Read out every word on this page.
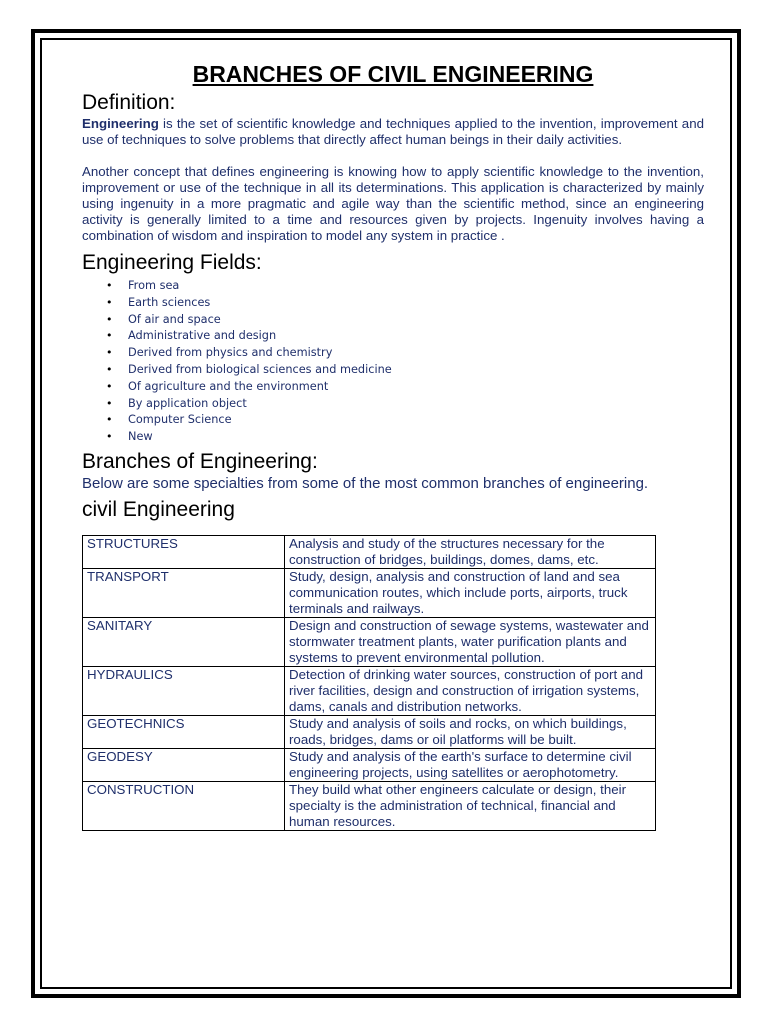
BRANCHES OF CIVIL ENGINEERING
Definition:

Engineering is the set of scientific knowledge and techniques applied to the invention, improvement and use of techniques to solve problems that directly affect human beings in their daily activities.

Another concept that defines engineering is knowing how to apply scientific knowledge to the invention, improvement or use of the technique in all its determinations. This application is characterized by mainly using ingenuity in a more pragmatic and agile way than the scientific method, since an engineering activity is generally limited to a time and resources given by projects. Ingenuity involves having a combination of wisdom and inspiration to model any system in practice .

Engineering Fields:
• From sea
• Earth sciences
• Of air and space
• Administrative and design
• Derived from physics and chemistry
• Derived from biological sciences and medicine
• Of agriculture and the environment
• By application object
• Computer Science
• New
Branches of Engineering:

Below are some specialties from some of the most common branches of engineering.

civil Engineering
STRUCTURES	Analysis and study of the structures necessary for the construction of bridges, buildings, domes, dams, etc.
TRANSPORT	Study, design, analysis and construction of land and sea communication routes, which include ports, airports, truck terminals and railways.
SANITARY	Design and construction of sewage systems, wastewater and stormwater treatment plants, water purification plants and systems to prevent environmental pollution.
HYDRAULICS	Detection of drinking water sources, construction of port and river facilities, design and construction of irrigation systems, dams, canals and distribution networks.
GEOTECHNICS	Study and analysis of soils and rocks, on which buildings, roads, bridges, dams or oil platforms will be built.
GEODESY	Study and analysis of the earth's surface to determine civil engineering projects, using satellites or aerophotometry.
CONSTRUCTION	They build what other engineers calculate or design, their specialty is the administration of technical, financial and human resources.
